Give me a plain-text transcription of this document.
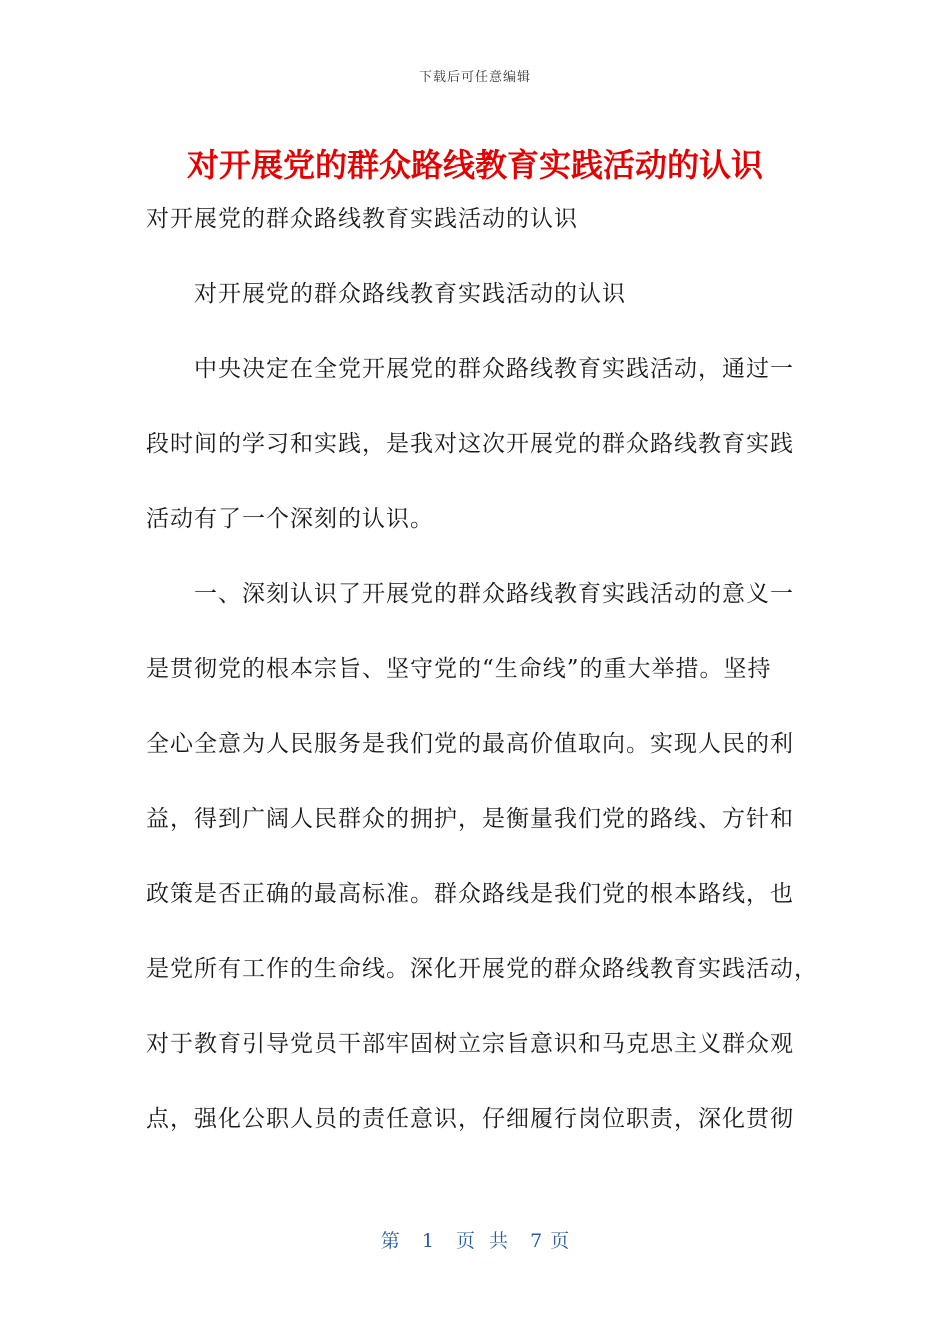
下载后可任意编辑
对开展党的群众路线教育实践活动的认识
对开展党的群众路线教育实践活动的认识
　　对开展党的群众路线教育实践活动的认识
　　中央决定在全党开展党的群众路线教育实践活动，通过一
段时间的学习和实践，是我对这次开展党的群众路线教育实践
活动有了一个深刻的认识。
　　一、深刻认识了开展党的群众路线教育实践活动的意义一
是贯彻党的根本宗旨、坚守党的“生命线”的重大举措。坚持
全心全意为人民服务是我们党的最高价值取向。实现人民的利
益，得到广阔人民群众的拥护，是衡量我们党的路线、方针和
政策是否正确的最高标准。群众路线是我们党的根本路线，也
是党所有工作的生命线。深化开展党的群众路线教育实践活动，
对于教育引导党员干部牢固树立宗旨意识和马克思主义群众观
点，强化公职人员的责任意识，仔细履行岗位职责，深化贯彻
第 1 页 共 7 页
